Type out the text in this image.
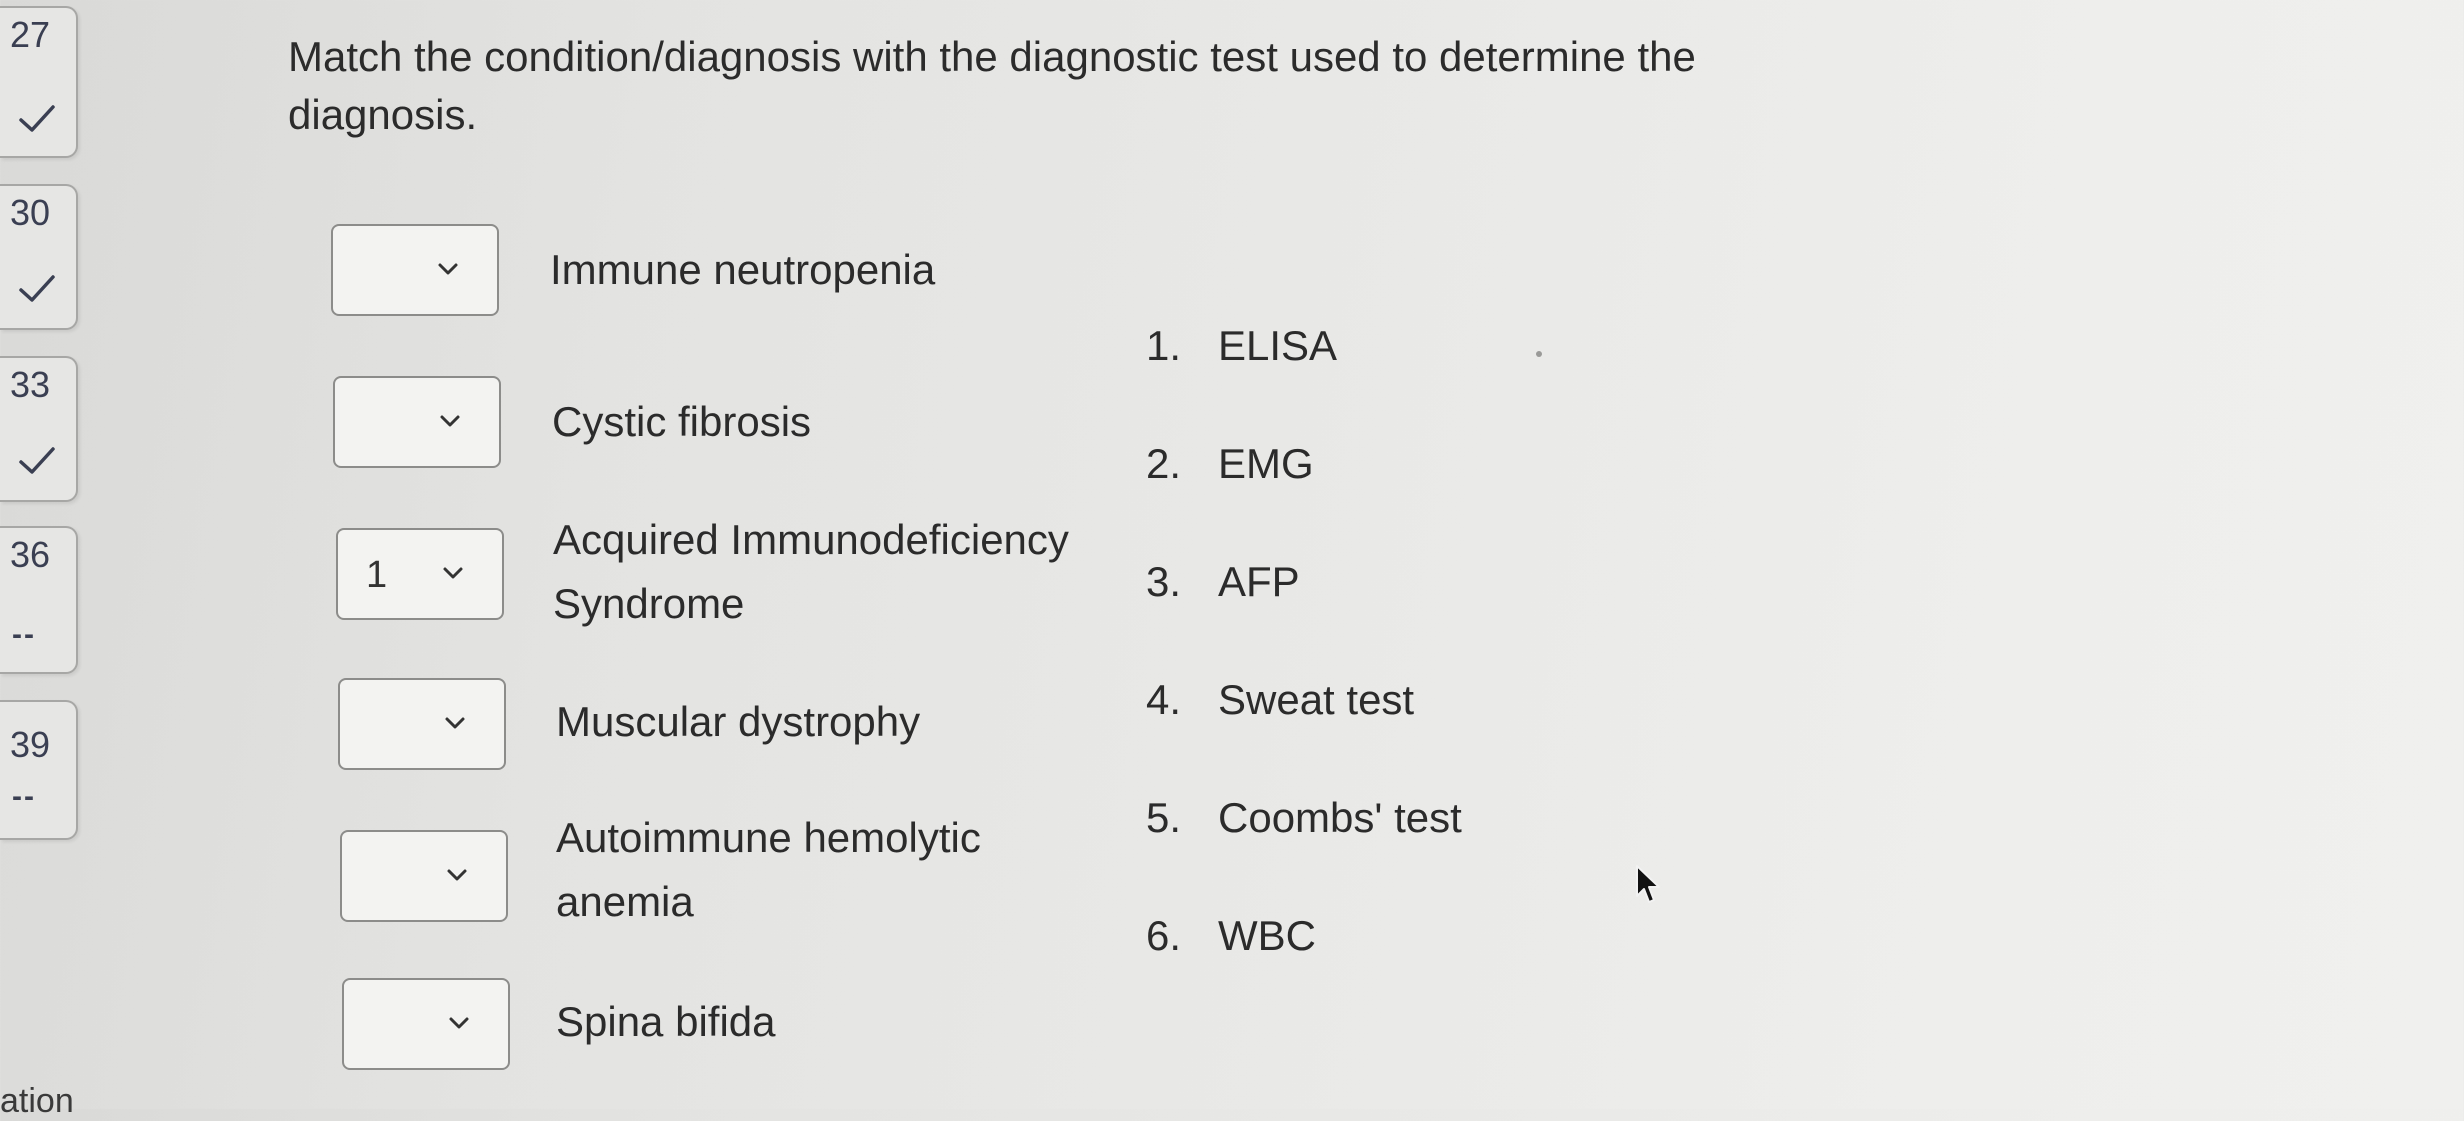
27
30
33
36
--
39
--
ation
Match the condition/diagnosis with the diagnostic test used to determine the diagnosis.
1
Immune neutropenia
Cystic fibrosis
Acquired Immunodeficiency Syndrome
Muscular dystrophy
Autoimmune hemolytic anemia
Spina bifida
1. ELISA
2. EMG
3. AFP
4. Sweat test
5. Coombs' test
6. WBC
